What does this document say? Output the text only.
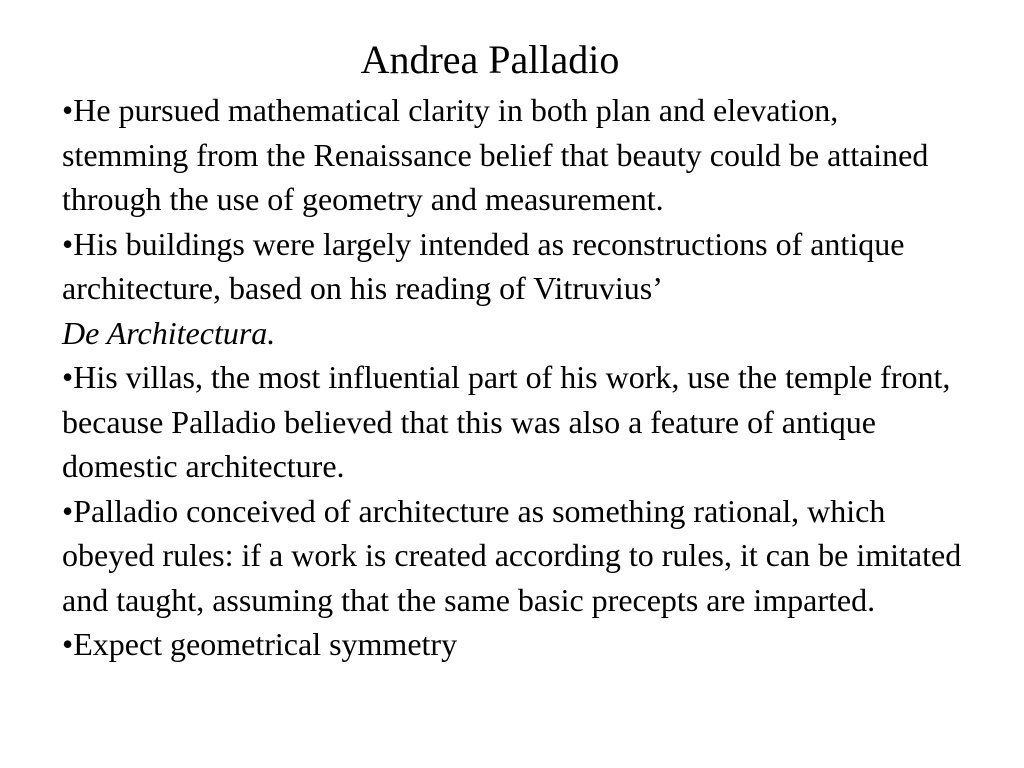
Andrea Palladio
•He pursued mathematical clarity in both plan and elevation, stemming from the Renaissance belief that beauty could be attained through the use of geometry and measurement.
•His buildings were largely intended as reconstructions of antique architecture, based on his reading of Vitruvius’
De Architectura.
•His villas, the most influential part of his work, use the temple front, because Palladio believed that this was also a feature of antique domestic architecture.
•Palladio conceived of architecture as something rational, which obeyed rules: if a work is created according to rules, it can be imitated and taught, assuming that the same basic precepts are imparted.
•Expect geometrical symmetry
